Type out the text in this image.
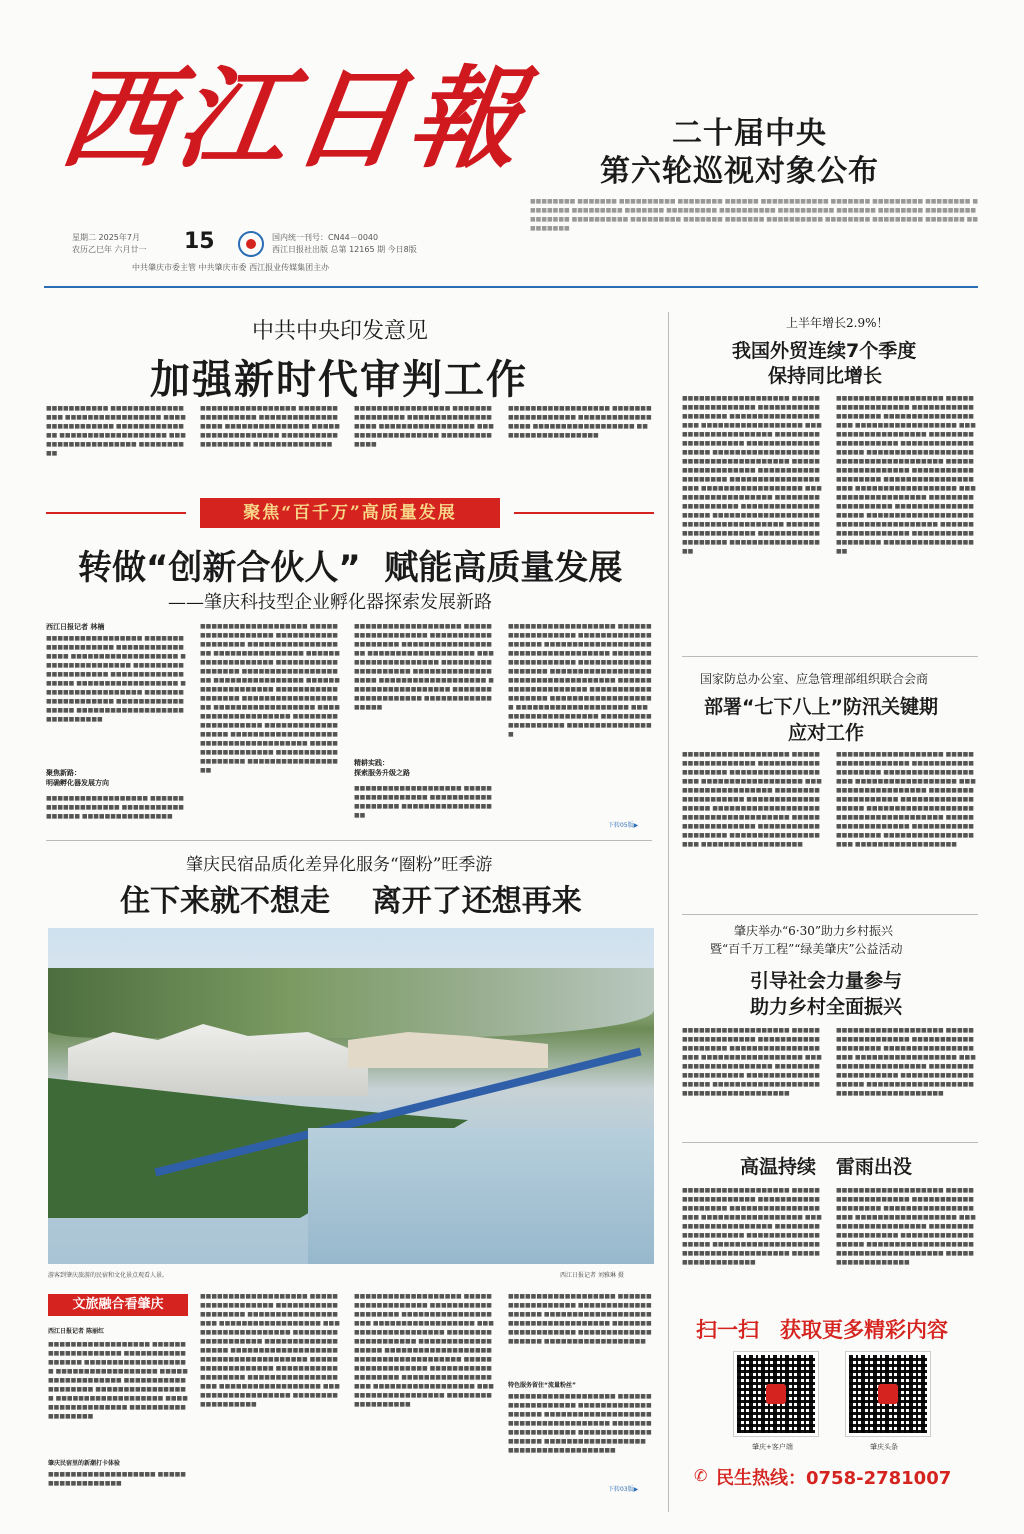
西江日報	二十届中央
第六轮巡视对象公布
■■■■■■■■ ■■■■■■■ ■■■■■■■■■■ ■■■■■■■■ ■■■■■■ ■■■■■■■■■■■■ ■■■■■■■ ■■■■■■■■■ ■■■■■■■■ ■■■■■■■■ ■■■■■■■■■ ■■■■■■■ ■■■■■■■■■ ■■■■■■■■■■ ■■■■■■■■■■ ■■■■■■■ ■■■■■■■■ ■■■■■■■■■ ■■■■■■■ ■■■■■■■■■■ ■■■■■■■■■ ■■■■■■■ ■■■■■■■ ■■■■■■■■■■ ■■■■■■■■ ■■■■■■■■■ ■■■■■■■ ■■■■■■■■■
星期二 2025年7月
农历乙巳年 六月廿一 15	国内统一刊号：CN44－0040
西江日报社出版 总第 12165 期 今日8版
中共肇庆市委主管 中共肇庆市委 西江报业传媒集团主办
中共中央印发意见
加强新时代审判工作
■■■■■■■■■■■ ■■■■■■■■■■■■■■■■ ■■■■■■■■■■■■■■■■■ ■■■■■■■■■■■■■■■■ ■■■■■■■■■■■■■■ ■■■■■■■■■■■■■■■■■■■ ■■■■■■■■■■■■■■■■■■■ ■■■■■■■■■■
■■■■■■■■■■■■■■■■■ ■■■■■■■■■■■■■■■■■ ■■■■■■■■■■■■■■■■■■ ■■■■■■■■■■■■■■■ ■■■■■■■■■■■■■■■■■■■ ■■■■■■■■■■■■■■■■■■■ ■■■■■■■■■■■■■■
■■■■■■■■■■■■■■■■■ ■■■■■■■■■■■■■■■■ ■■■■■■■■■■■■■■■■■■■ ■■■■■■■■■■■■■■■■■ ■■■■■■■■■■■■■■■■■■ ■■■■■■■■■■■■■
■■■■■■■■■■■■■■■■■■ ■■■■■■■■■■■■■■■■■■■ ■■■■■■■■■■■■■■■■■ ■■■■■■■■■■■■■■■■■■ ■■■■■■■■■■■■■■■■■■
聚焦“百千万”高质量发展
转做“创新合伙人”  赋能高质量发展
——肇庆科技型企业孵化器探索发展新路
西江日报记者 林楠
■■■■■■■■■■■■■■■■■ ■■■■■■■■■■■■■■■■■■■ ■■■■■■■■■■■■■■■■ ■■■■■■■■■■■■■■■■■■■ ■■■■■■■■■■■■■■■■ ■■■■■■■■■■■■■■■■■■■■ ■■■■■■■■■■■■■■■■■■ ■■■■■■■■■■■■■■■■■■ ■■■■■■■■■■■■■■■■■■ ■■■■■■■■■■■■■■■■■■■ ■■■■■■■■■■■■■■■■■ ■■■■■■■■■■■■■■■■■■■ ■■■■■■■■■■
聚焦新路：
明确孵化器发展方向
■■■■■■■■■■■■■■■■■■ ■■■■■■■■■■■■■■■■■■■ ■■■■■■■■■■■■■■■■■ ■■■■■■■■■■■■■■■■
■■■■■■■■■■■■■■■■■■■ ■■■■■■■■■■■■■■■■■■ ■■■■■■■■■■■■■■■■■■■ ■■■■■■■■■■■■■■■■■■ ■■■■■■■■■■■■■■■■ ■■■■■■■■■■■■■■■■■■■ ■■■■■■■■■■■■■■■■■■ ■■■■■■■■■■■■■■■■■■■ ■■■■■■■■■■■■■■■■ ■■■■■■■■■■■■■■■■■■■ ■■■■■■■■■■■■■■■■■■ ■■■■■■■■■■■■■■■■■■■ ■■■■■■■■■■■■■■■■■■ ■■■■■■■■■■■■■■■■■■■■ ■■■■■■■■■■■■■■■■■■■ ■■■■■■■■■■■■■■■■■■ ■■■■■■■■■■■■■■■■■■■ ■■■■■■■■■■■■■■■■■■■ ■■■■■■■■■■■■■■■■■■ ■■■■■■■■■■■■■■■■■■■ ■■■■■■■■■■■■■■■■■■
■■■■■■■■■■■■■■■■■■■ ■■■■■■■■■■■■■■■■■■ ■■■■■■■■■■■■■■■■■■■ ■■■■■■■■■■■■■■■■■■ ■■■■■■■■■■■■■■■■■■■ ■■■■■■■■■■■■■■■■■■ ■■■■■■■■■■■■■■■■■■■ ■■■■■■■■■■■■■■■■■■ ■■■■■■■■■■■■■■■■■■■ ■■■■■■■■■■■■■■■■■■ ■■■■■■■■■■■■■■■■■■■ ■■■■■■■■■■■■■■■■■
精耕实践：
探索服务升级之路
■■■■■■■■■■■■■■■■■■■ ■■■■■■■■■■■■■■■■■■ ■■■■■■■■■■■■■■■■■■■ ■■■■■■■■■■■■■■■■■■
■■■■■■■■■■■■■■■■■■■ ■■■■■■■■■■■■■■■■■■ ■■■■■■■■■■■■■■■■■■■ ■■■■■■■■■■■■■■■■■■■ ■■■■■■■■■■■■■■■■■■ ■■■■■■■■■■■■■■■■■■■ ■■■■■■■■■■■■■■■■■■■■ ■■■■■■■■■■■■■■■■■■ ■■■■■■■■■■■■■■■■■■■ ■■■■■■■■■■■■■■■■■■■■ ■■■■■■■■■■■■■■■■■■ ■■■■■■■■■■■■■■■■■■■ ■■■■■■■■■■■■■■■■■■■■ ■■■■■■■■■■■■■■■■■■■ ■■■■■■■■■■■■■■■■■■■ ■■■■■■■■■■■■■■■■
下转05版▶
肇庆民宿品质化差异化服务“圈粉”旺季游
住下来就不想走    离开了还想再来
游客到肇庆旅游的民宿和文化景点观看人景。	西江日报记者 刘雅琳 摄
文旅融合看肇庆
西江日报记者 陈丽红
■■■■■■■■■■■■■■■■■■ ■■■■■■■■■■■■■■■■■■■ ■■■■■■■■■■■■■■■■■ ■■■■■■■■■■■■■■■■■■■ ■■■■■■■■■■■■■■■■■■ ■■■■■■■■■■■■■■■■■■ ■■■■■■■■■■■■■■■■■■■ ■■■■■■■■■■■■■■■■■ ■■■■■■■■■■■■■■■■■■■ ■■■■■■■■■■■■■■■■■■ ■■■■■■■■■■■■■■■■■■
肇庆民宿里的新潮打卡体验
■■■■■■■■■■■■■■■■■■■ ■■■■■■■■■■■■■■■■■■
■■■■■■■■■■■■■■■■■■■ ■■■■■■■■■■■■■■■■■■ ■■■■■■■■■■■■■■■■■■■ ■■■■■■■■■■■■■■■■■■■ ■■■■■■■■■■■■■■■■■■ ■■■■■■■■■■■■■■■■■■■ ■■■■■■■■■■■■■■■■■■■ ■■■■■■■■■■■■■■■■■■ ■■■■■■■■■■■■■■■■■■■ ■■■■■■■■■■■■■■■■■■■ ■■■■■■■■■■■■■■■■■■ ■■■■■■■■■■■■■■■■■■■ ■■■■■■■■■■■■■■■■■■■ ■■■■■■■■■■■■■■■■■■ ■■■■■■■■■■■■■■■■■■■ ■■■■■■■■■■■■■■■■■■
■■■■■■■■■■■■■■■■■■■ ■■■■■■■■■■■■■■■■■■ ■■■■■■■■■■■■■■■■■■■ ■■■■■■■■■■■■■■■■■■■ ■■■■■■■■■■■■■■■■■■ ■■■■■■■■■■■■■■■■■■■ ■■■■■■■■■■■■■■■■■■■ ■■■■■■■■■■■■■■■■■■ ■■■■■■■■■■■■■■■■■■■ ■■■■■■■■■■■■■■■■■■■ ■■■■■■■■■■■■■■■■■■ ■■■■■■■■■■■■■■■■■■■ ■■■■■■■■■■■■■■■■■■■ ■■■■■■■■■■■■■■■■■■ ■■■■■■■■■■■■■■■■■■■ ■■■■■■■■■■■■■■■■■■
■■■■■■■■■■■■■■■■■■■ ■■■■■■■■■■■■■■■■■■ ■■■■■■■■■■■■■■■■■■■ ■■■■■■■■■■■■■■■■■■■ ■■■■■■■■■■■■■■■■■■ ■■■■■■■■■■■■■■■■■■■ ■■■■■■■■■■■■■■■■■■■ ■■■■■■■■■■■■■■■■■■
特色服务留住“流量粉丝”
■■■■■■■■■■■■■■■■■■■ ■■■■■■■■■■■■■■■■■■ ■■■■■■■■■■■■■■■■■■■ ■■■■■■■■■■■■■■■■■■■ ■■■■■■■■■■■■■■■■■■ ■■■■■■■■■■■■■■■■■■■ ■■■■■■■■■■■■■■■■■■■ ■■■■■■■■■■■■■■■■■■ ■■■■■■■■■■■■■■■■■■■
下转03版▶
上半年增长2.9%！
我国外贸连续7个季度
保持同比增长
■■■■■■■■■■■■■■■■■■■ ■■■■■■■■■■■■■■■■■■ ■■■■■■■■■■■■■■■■■■■ ■■■■■■■■■■■■■■■■■■■ ■■■■■■■■■■■■■■■■■■ ■■■■■■■■■■■■■■■■■■■ ■■■■■■■■■■■■■■■■■■■ ■■■■■■■■■■■■■■■■■■ ■■■■■■■■■■■■■■■■■■■ ■■■■■■■■■■■■■■■■■■■ ■■■■■■■■■■■■■■■■■■ ■■■■■■■■■■■■■■■■■■■ ■■■■■■■■■■■■■■■■■■■ ■■■■■■■■■■■■■■■■■■ ■■■■■■■■■■■■■■■■■■■ ■■■■■■■■■■■■■■■■■■ ■■■■■■■■■■■■■■■■■■■ ■■■■■■■■■■■■■■■■■■■ ■■■■■■■■■■■■■■■■■■ ■■■■■■■■■■■■■■■■■■■ ■■■■■■■■■■■■■■■■■■■ ■■■■■■■■■■■■■■■■■■
■■■■■■■■■■■■■■■■■■■ ■■■■■■■■■■■■■■■■■■ ■■■■■■■■■■■■■■■■■■■ ■■■■■■■■■■■■■■■■■■■ ■■■■■■■■■■■■■■■■■■ ■■■■■■■■■■■■■■■■■■■ ■■■■■■■■■■■■■■■■■■■ ■■■■■■■■■■■■■■■■■■ ■■■■■■■■■■■■■■■■■■■ ■■■■■■■■■■■■■■■■■■■ ■■■■■■■■■■■■■■■■■■ ■■■■■■■■■■■■■■■■■■■ ■■■■■■■■■■■■■■■■■■■ ■■■■■■■■■■■■■■■■■■ ■■■■■■■■■■■■■■■■■■■ ■■■■■■■■■■■■■■■■■■ ■■■■■■■■■■■■■■■■■■■ ■■■■■■■■■■■■■■■■■■■ ■■■■■■■■■■■■■■■■■■ ■■■■■■■■■■■■■■■■■■■ ■■■■■■■■■■■■■■■■■■■ ■■■■■■■■■■■■■■■■■■
国家防总办公室、应急管理部组织联合会商
部署“七下八上”防汛关键期
应对工作
■■■■■■■■■■■■■■■■■■■ ■■■■■■■■■■■■■■■■■■ ■■■■■■■■■■■■■■■■■■■ ■■■■■■■■■■■■■■■■■■■ ■■■■■■■■■■■■■■■■■■ ■■■■■■■■■■■■■■■■■■■ ■■■■■■■■■■■■■■■■■■■ ■■■■■■■■■■■■■■■■■■ ■■■■■■■■■■■■■■■■■■■ ■■■■■■■■■■■■■■■■■■■ ■■■■■■■■■■■■■■■■■■ ■■■■■■■■■■■■■■■■■■■ ■■■■■■■■■■■■■■■■■■■ ■■■■■■■■■■■■■■■■■■
■■■■■■■■■■■■■■■■■■■ ■■■■■■■■■■■■■■■■■■ ■■■■■■■■■■■■■■■■■■■ ■■■■■■■■■■■■■■■■■■■ ■■■■■■■■■■■■■■■■■■ ■■■■■■■■■■■■■■■■■■■ ■■■■■■■■■■■■■■■■■■■ ■■■■■■■■■■■■■■■■■■ ■■■■■■■■■■■■■■■■■■■ ■■■■■■■■■■■■■■■■■■■ ■■■■■■■■■■■■■■■■■■ ■■■■■■■■■■■■■■■■■■■ ■■■■■■■■■■■■■■■■■■■ ■■■■■■■■■■■■■■■■■■
肇庆举办“6·30”助力乡村振兴
暨“百千万工程”“绿美肇庆”公益活动
引导社会力量参与
助力乡村全面振兴
■■■■■■■■■■■■■■■■■■■ ■■■■■■■■■■■■■■■■■■ ■■■■■■■■■■■■■■■■■■■ ■■■■■■■■■■■■■■■■■■■ ■■■■■■■■■■■■■■■■■■ ■■■■■■■■■■■■■■■■■■■ ■■■■■■■■■■■■■■■■■■■ ■■■■■■■■■■■■■■■■■■ ■■■■■■■■■■■■■■■■■■■ ■■■■■■■■■■■■■■■■■■■
■■■■■■■■■■■■■■■■■■■ ■■■■■■■■■■■■■■■■■■ ■■■■■■■■■■■■■■■■■■■ ■■■■■■■■■■■■■■■■■■■ ■■■■■■■■■■■■■■■■■■ ■■■■■■■■■■■■■■■■■■■ ■■■■■■■■■■■■■■■■■■■ ■■■■■■■■■■■■■■■■■■ ■■■■■■■■■■■■■■■■■■■ ■■■■■■■■■■■■■■■■■■■
高温持续   雷雨出没
■■■■■■■■■■■■■■■■■■■ ■■■■■■■■■■■■■■■■■■ ■■■■■■■■■■■■■■■■■■■ ■■■■■■■■■■■■■■■■■■■ ■■■■■■■■■■■■■■■■■■ ■■■■■■■■■■■■■■■■■■■ ■■■■■■■■■■■■■■■■■■■ ■■■■■■■■■■■■■■■■■■ ■■■■■■■■■■■■■■■■■■■ ■■■■■■■■■■■■■■■■■■■ ■■■■■■■■■■■■■■■■■■
■■■■■■■■■■■■■■■■■■■ ■■■■■■■■■■■■■■■■■■ ■■■■■■■■■■■■■■■■■■■ ■■■■■■■■■■■■■■■■■■■ ■■■■■■■■■■■■■■■■■■ ■■■■■■■■■■■■■■■■■■■ ■■■■■■■■■■■■■■■■■■■ ■■■■■■■■■■■■■■■■■■ ■■■■■■■■■■■■■■■■■■■ ■■■■■■■■■■■■■■■■■■■ ■■■■■■■■■■■■■■■■■■
扫一扫 获取更多精彩内容
肇庆+客户端	肇庆头条
✆ 民生热线：0758-2781007
